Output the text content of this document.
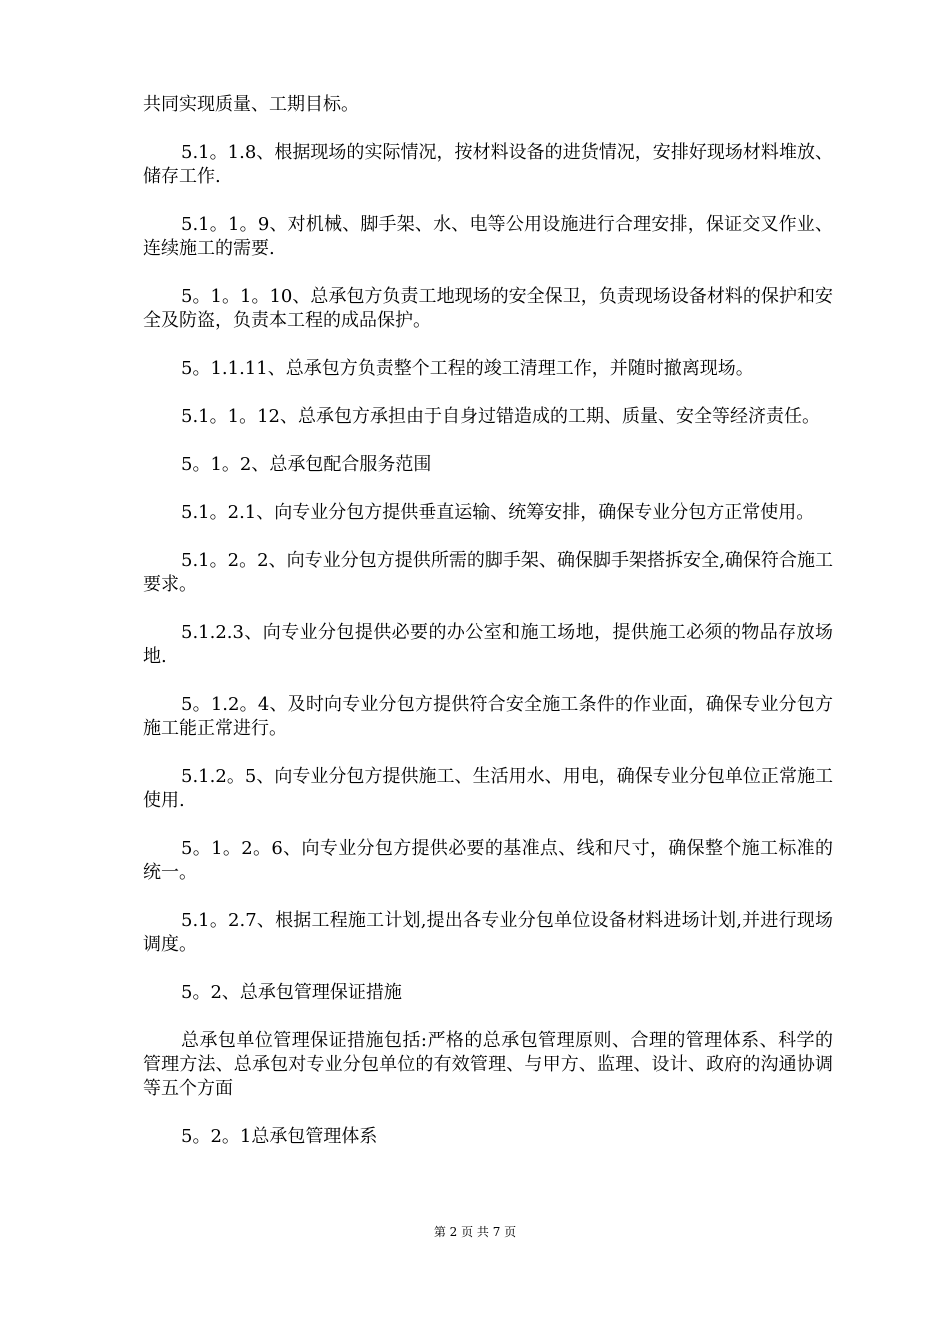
共同实现质量、工期目标。

5.1。1.8、根据现场的实际情况，按材料设备的进货情况，安排好现场材料堆放、储存工作.

5.1。1。9、对机械、脚手架、水、电等公用设施进行合理安排，保证交叉作业、连续施工的需要.

5。1。1。10、总承包方负责工地现场的安全保卫，负责现场设备材料的保护和安全及防盗，负责本工程的成品保护。

5。1.1.11、总承包方负责整个工程的竣工清理工作，并随时撤离现场。

5.1。1。12、总承包方承担由于自身过错造成的工期、质量、安全等经济责任。

5。1。2、总承包配合服务范围

5.1。2.1、向专业分包方提供垂直运输、统筹安排，确保专业分包方正常使用。

5.1。2。2、向专业分包方提供所需的脚手架、确保脚手架搭拆安全,确保符合施工要求。

5.1.2.3、向专业分包提供必要的办公室和施工场地，提供施工必须的物品存放场地.

5。1.2。4、及时向专业分包方提供符合安全施工条件的作业面，确保专业分包方施工能正常进行。

5.1.2。5、向专业分包方提供施工、生活用水、用电，确保专业分包单位正常施工使用.

5。1。2。6、向专业分包方提供必要的基准点、线和尺寸，确保整个施工标准的统一。

5.1。2.7、根据工程施工计划,提出各专业分包单位设备材料进场计划,并进行现场调度。

5。2、总承包管理保证措施

总承包单位管理保证措施包括:严格的总承包管理原则、合理的管理体系、科学的管理方法、总承包对专业分包单位的有效管理、与甲方、监理、设计、政府的沟通协调等五个方面

5。2。1总承包管理体系

第 2 页 共 7 页
